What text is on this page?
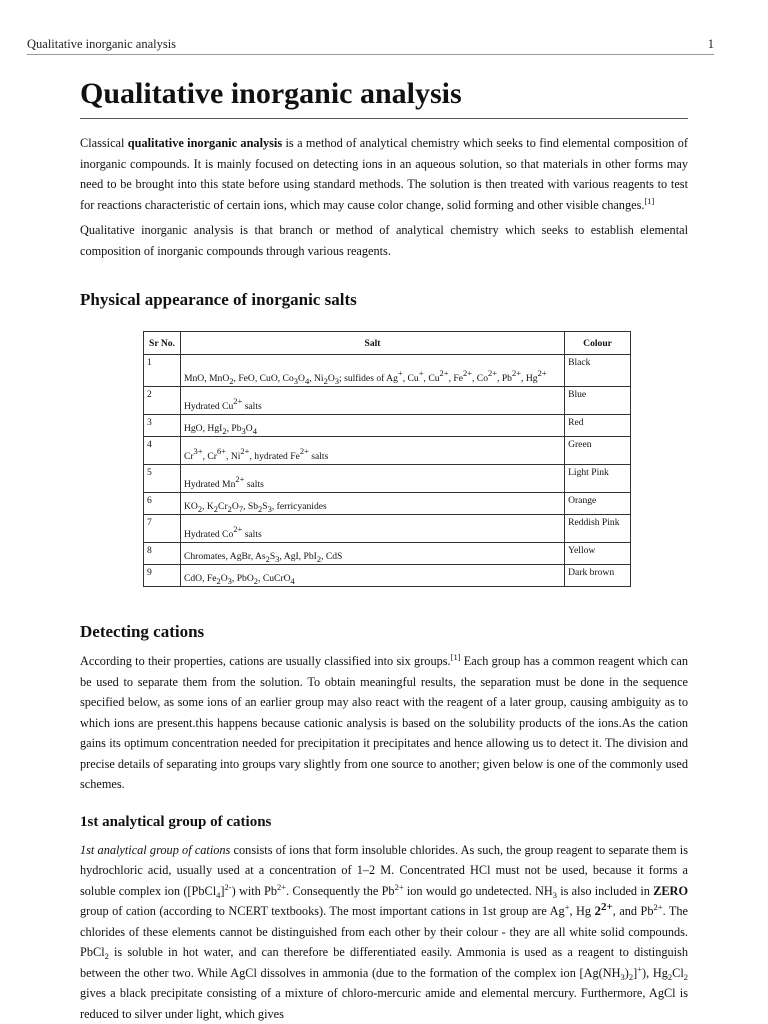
Qualitative inorganic analysis	1
Qualitative inorganic analysis

Classical qualitative inorganic analysis is a method of analytical chemistry which seeks to find elemental composition of inorganic compounds. It is mainly focused on detecting ions in an aqueous solution, so that materials in other forms may need to be brought into this state before using standard methods. The solution is then treated with various reagents to test for reactions characteristic of certain ions, which may cause color change, solid forming and other visible changes.[1]

Qualitative inorganic analysis is that branch or method of analytical chemistry which seeks to establish elemental composition of inorganic compounds through various reagents.

Physical appearance of inorganic salts
Sr No.	Salt	Colour
1	MnO, MnO$_2$, FeO, CuO, $Co_3O_4$, $Ni_2O_3$; sulfides of Ag+, Cu+, $Cu^{2+}$, $Fe^{2+}$, $Co^{2+}$, $Pb^{2+}$, $Hg^{2+}$	Black
2	Hydrated $Cu^{2+}$ salts	Blue
3	HgO, HgI$_2$, $Pb_3O_4$	Red
4	$Cr^{3+}$, $Cr^{6+}$, $Ni^{2+}$, hydrated $Fe^{2+}$ salts	Green
5	Hydrated $Mn^{2+}$ salts	Light Pink
6	$KO_2$, $K_2Cr_2O_7$, $Sb_2S_3$, ferricyanides	Orange
7	Hydrated $Co^{2+}$ salts	Reddish Pink
8	Chromates, AgBr, $As_2S_3$, AgI, PbI$_2$, CdS	Yellow
9	CdO, $Fe_2O_3$, PbO$_2$, CuCrO$_4$	Dark brown
Detecting cations

According to their properties, cations are usually classified into six groups.[1] Each group has a common reagent which can be used to separate them from the solution. To obtain meaningful results, the separation must be done in the sequence specified below, as some ions of an earlier group may also react with the reagent of a later group, causing ambiguity as to which ions are present.this happens because cationic analysis is based on the solubility products of the ions.As the cation gains its optimum concentration needed for precipitation it precipitates and hence allowing us to detect it. The division and precise details of separating into groups vary slightly from one source to another; given below is one of the commonly used schemes.

1st analytical group of cations

1st analytical group of cations consists of ions that form insoluble chlorides. As such, the group reagent to separate them is hydrochloric acid, usually used at a concentration of 1–2 M. Concentrated HCl must not be used, because it forms a soluble complex ion ([PbCl$_4$]$^{2-}$) with $Pb^{2+}$. Consequently the $Pb^{2+}$ ion would go undetected. $NH_3$ is also included in ZERO group of cation (according to NCERT textbooks). The most important cations in 1st group are Ag+, Hg $2^{2+}$, and $Pb^{2+}$. The chlorides of these elements cannot be distinguished from each other by their colour - they are all white solid compounds. PbCl$_2$ is soluble in hot water, and can therefore be differentiated easily. Ammonia is used as a reagent to distinguish between the other two. While AgCl dissolves in ammonia (due to the formation of the complex ion $[Ag(NH_3)_2]^+$), $Hg_2Cl_2$ gives a black precipitate consisting of a mixture of chloro-mercuric amide and elemental mercury. Furthermore, AgCl is reduced to silver under light, which gives
